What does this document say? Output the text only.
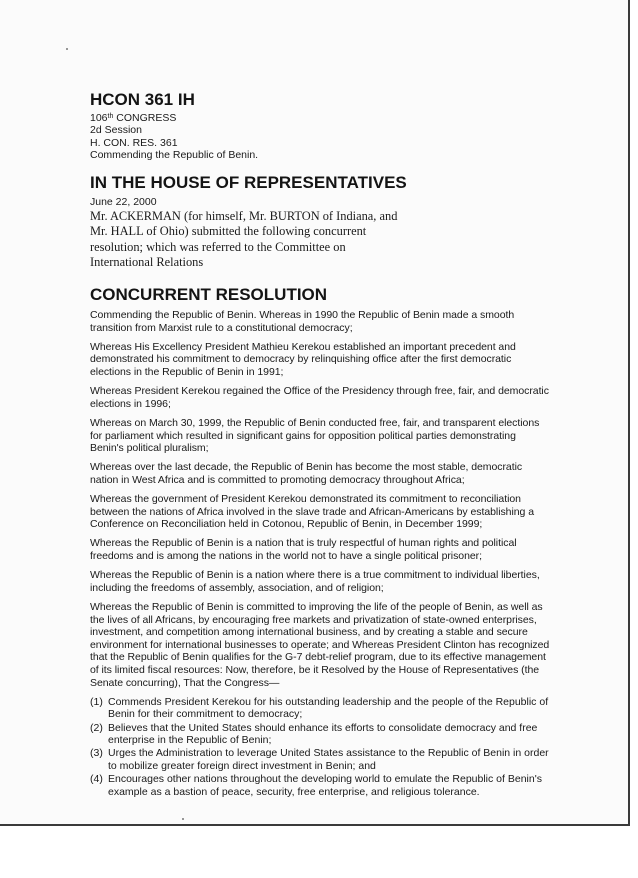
HCON 361 IH
106th CONGRESS
2d Session
H. CON. RES. 361
Commending the Republic of Benin.
IN THE HOUSE OF REPRESENTATIVES
June 22, 2000
Mr. ACKERMAN (for himself, Mr. BURTON of Indiana, and
Mr. HALL of Ohio) submitted the following concurrent
resolution; which was referred to the Committee on
International Relations
CONCURRENT RESOLUTION

Commending the Republic of Benin. Whereas in 1990 the Republic of Benin made a smooth transition from Marxist rule to a constitutional democracy;

Whereas His Excellency President Mathieu Kerekou established an important precedent and demonstrated his commitment to democracy by relinquishing office after the first democratic elections in the Republic of Benin in 1991;

Whereas President Kerekou regained the Office of the Presidency through free, fair, and democratic elections in 1996;

Whereas on March 30, 1999, the Republic of Benin conducted free, fair, and transparent elections for parliament which resulted in significant gains for opposition political parties demonstrating Benin's political pluralism;

Whereas over the last decade, the Republic of Benin has become the most stable, democratic nation in West Africa and is committed to promoting democracy throughout Africa;

Whereas the government of President Kerekou demonstrated its commitment to reconciliation between the nations of Africa involved in the slave trade and African-Americans by establishing a Conference on Reconciliation held in Cotonou, Republic of Benin, in December 1999;

Whereas the Republic of Benin is a nation that is truly respectful of human rights and political freedoms and is among the nations in the world not to have a single political prisoner;

Whereas the Republic of Benin is a nation where there is a true commitment to individual liberties, including the freedoms of assembly, association, and of religion;

Whereas the Republic of Benin is committed to improving the life of the people of Benin, as well as the lives of all Africans, by encouraging free markets and privatization of state-owned enterprises, investment, and competition among international business, and by creating a stable and secure environment for international businesses to operate; and Whereas President Clinton has recognized that the Republic of Benin qualifies for the G-7 debt-relief program, due to its effective management of its limited fiscal resources: Now, therefore, be it Resolved by the House of Representatives (the Senate concurring), That the Congress—

(1) Commends President Kerekou for his outstanding leadership and the people of the Republic of Benin for their commitment to democracy;
(2) Believes that the United States should enhance its efforts to consolidate democracy and free enterprise in the Republic of Benin;
(3) Urges the Administration to leverage United States assistance to the Republic of Benin in order to mobilize greater foreign direct investment in Benin; and
(4) Encourages other nations throughout the developing world to emulate the Republic of Benin's example as a bastion of peace, security, free enterprise, and religious tolerance.
